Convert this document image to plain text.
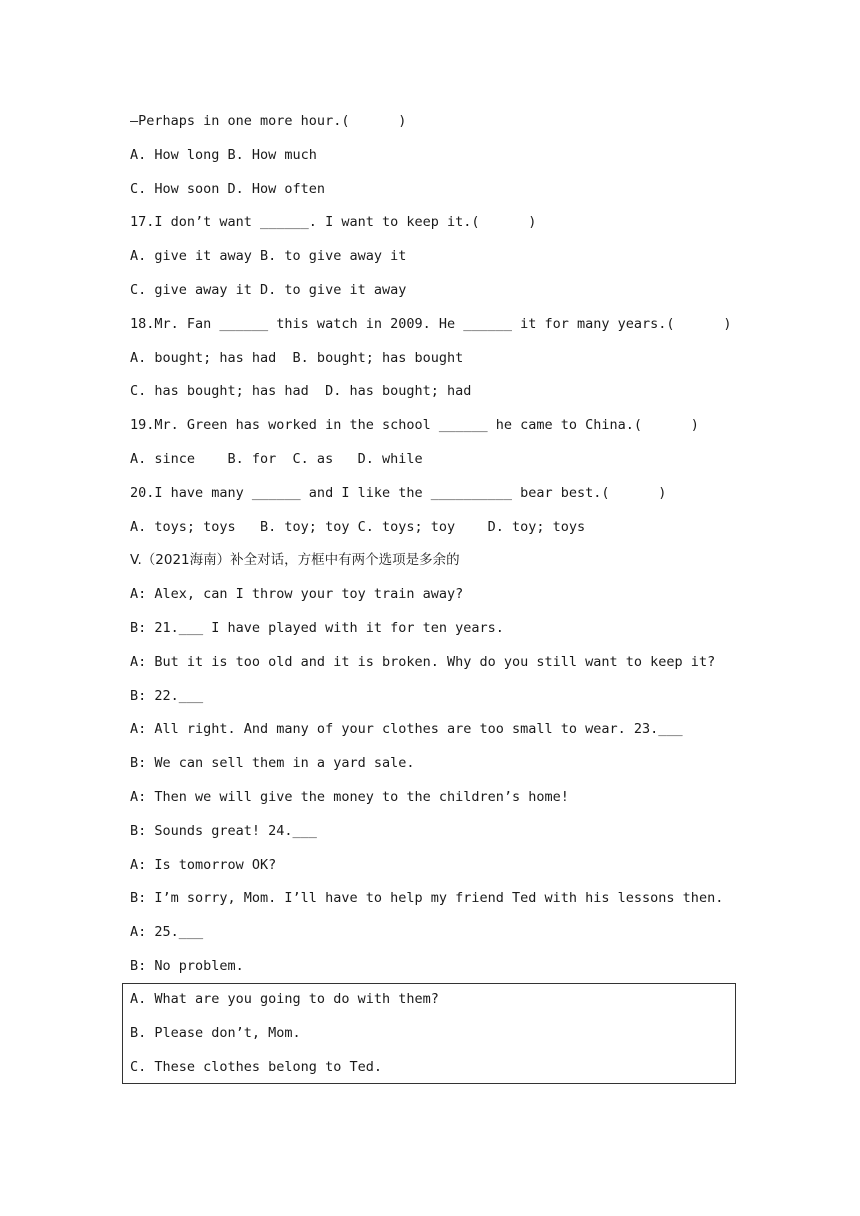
—Perhaps in one more hour.(      )
A. How long B. How much
C. How soon D. How often
17.I don’t want ______. I want to keep it.(      )
A. give it away B. to give away it
C. give away it D. to give it away
18.Mr. Fan ______ this watch in 2009. He ______ it for many years.(      )
A. bought; has had  B. bought; has bought
C. has bought; has had  D. has bought; had
19.Mr. Green has worked in the school ______ he came to China.(      )
A. since    B. for  C. as   D. while
20.I have many ______ and I like the __________ bear best.(      )
A. toys; toys   B. toy; toy C. toys; toy    D. toy; toys
V.（2021海南）补全对话，方框中有两个选项是多余的
A: Alex, can I throw your toy train away?
B: 21.___ I have played with it for ten years.
A: But it is too old and it is broken. Why do you still want to keep it?
B: 22.___
A: All right. And many of your clothes are too small to wear. 23.___
B: We can sell them in a yard sale.
A: Then we will give the money to the children’s home!
B: Sounds great! 24.___
A: Is tomorrow OK?
B: I’m sorry, Mom. I’ll have to help my friend Ted with his lessons then.
A: 25.___
B: No problem.
A. What are you going to do with them?
B. Please don’t, Mom.
C. These clothes belong to Ted.
